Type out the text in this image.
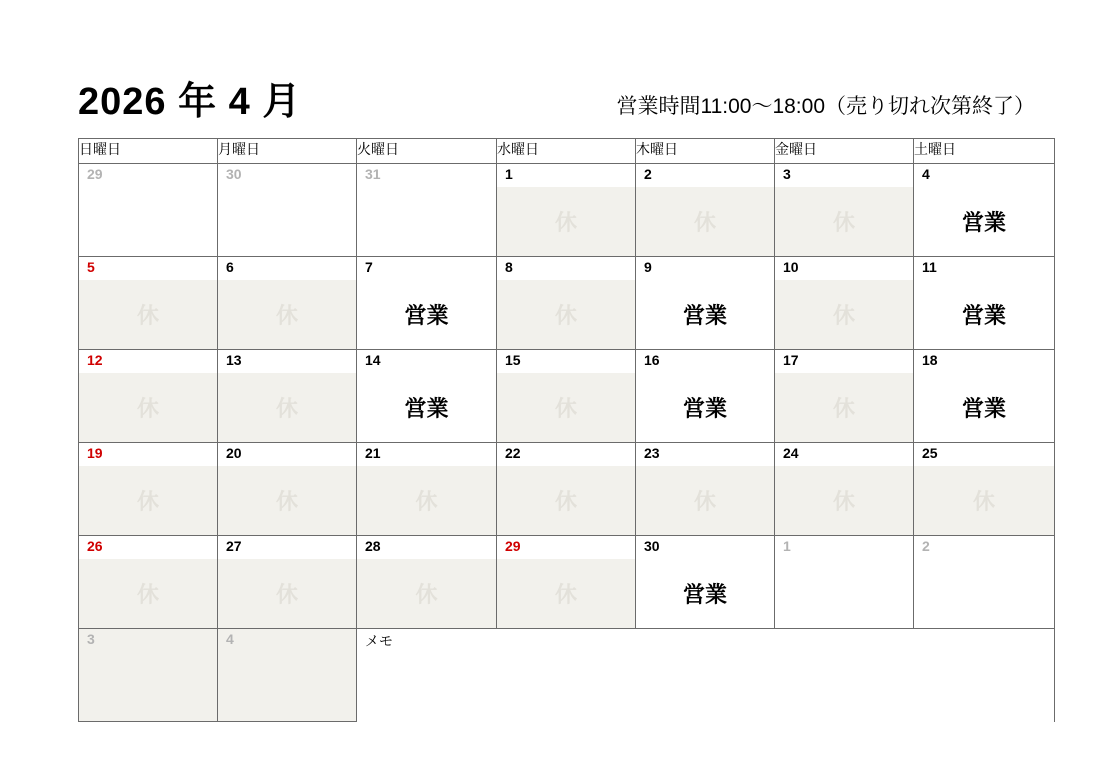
2026 年 4 月	営業時間11:00〜18:00（売り切れ次第終了）
日曜日	月曜日	火曜日	水曜日	木曜日	金曜日	土曜日
29	30	31	1	2	3	4
			休	休	休	営業
5	6	7	8	9	10	11
休	休	営業	休	営業	休	営業
12	13	14	15	16	17	18
休	休	営業	休	営業	休	営業
19	20	21	22	23	24	25
休	休	休	休	休	休	休
26	27	28	29	30	1	2
休	休	休	休	営業		
3	4	メモ				
